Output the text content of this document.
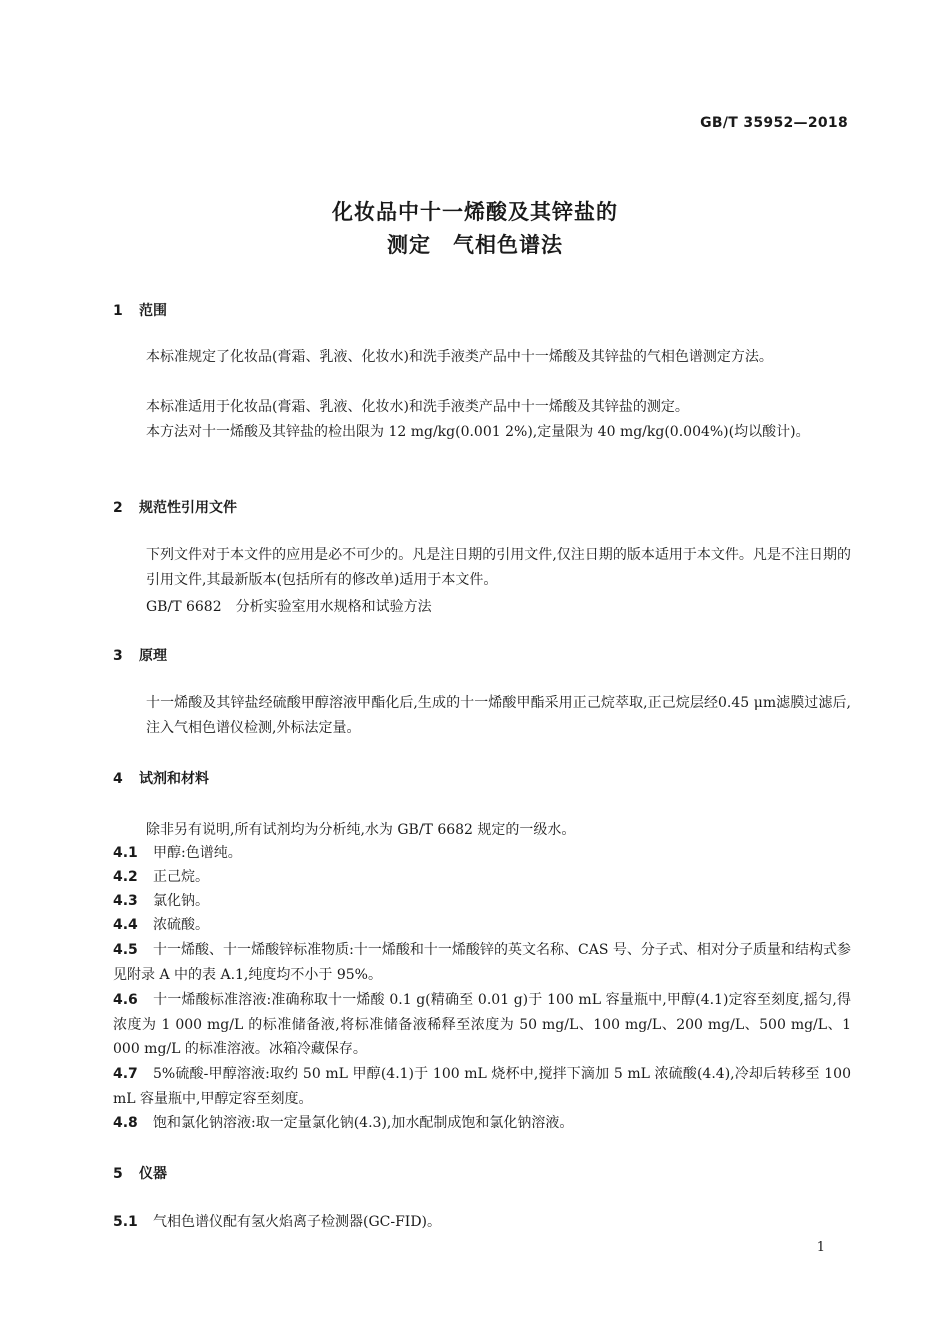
GB/T 35952—2018
化妆品中十一烯酸及其锌盐的
测定　气相色谱法
1 范围
本标准规定了化妆品(膏霜、乳液、化妆水)和洗手液类产品中十一烯酸及其锌盐的气相色谱测定方法。
本标准适用于化妆品(膏霜、乳液、化妆水)和洗手液类产品中十一烯酸及其锌盐的测定。
本方法对十一烯酸及其锌盐的检出限为 12 mg/kg(0.001 2%),定量限为 40 mg/kg(0.004%)(均以酸计)。
2 规范性引用文件
下列文件对于本文件的应用是必不可少的。凡是注日期的引用文件,仅注日期的版本适用于本文件。凡是不注日期的引用文件,其最新版本(包括所有的修改单)适用于本文件。
GB/T 6682　分析实验室用水规格和试验方法
3 原理
十一烯酸及其锌盐经硫酸甲醇溶液甲酯化后,生成的十一烯酸甲酯采用正己烷萃取,正己烷层经0.45 μm滤膜过滤后,注入气相色谱仪检测,外标法定量。
4 试剂和材料
除非另有说明,所有试剂均为分析纯,水为 GB/T 6682 规定的一级水。
4.1 甲醇:色谱纯。
4.2 正己烷。
4.3 氯化钠。
4.4 浓硫酸。
4.5 十一烯酸、十一烯酸锌标准物质:十一烯酸和十一烯酸锌的英文名称、CAS 号、分子式、相对分子质量和结构式参见附录 A 中的表 A.1,纯度均不小于 95%。
4.6 十一烯酸标准溶液:准确称取十一烯酸 0.1 g(精确至 0.01 g)于 100 mL 容量瓶中,甲醇(4.1)定容至刻度,摇匀,得浓度为 1 000 mg/L 的标准储备液,将标准储备液稀释至浓度为 50 mg/L、100 mg/L、200 mg/L、500 mg/L、1 000 mg/L 的标准溶液。冰箱冷藏保存。
4.7 5%硫酸-甲醇溶液:取约 50 mL 甲醇(4.1)于 100 mL 烧杯中,搅拌下滴加 5 mL 浓硫酸(4.4),冷却后转移至 100 mL 容量瓶中,甲醇定容至刻度。
4.8 饱和氯化钠溶液:取一定量氯化钠(4.3),加水配制成饱和氯化钠溶液。
5 仪器
5.1 气相色谱仪配有氢火焰离子检测器(GC-FID)。
1
